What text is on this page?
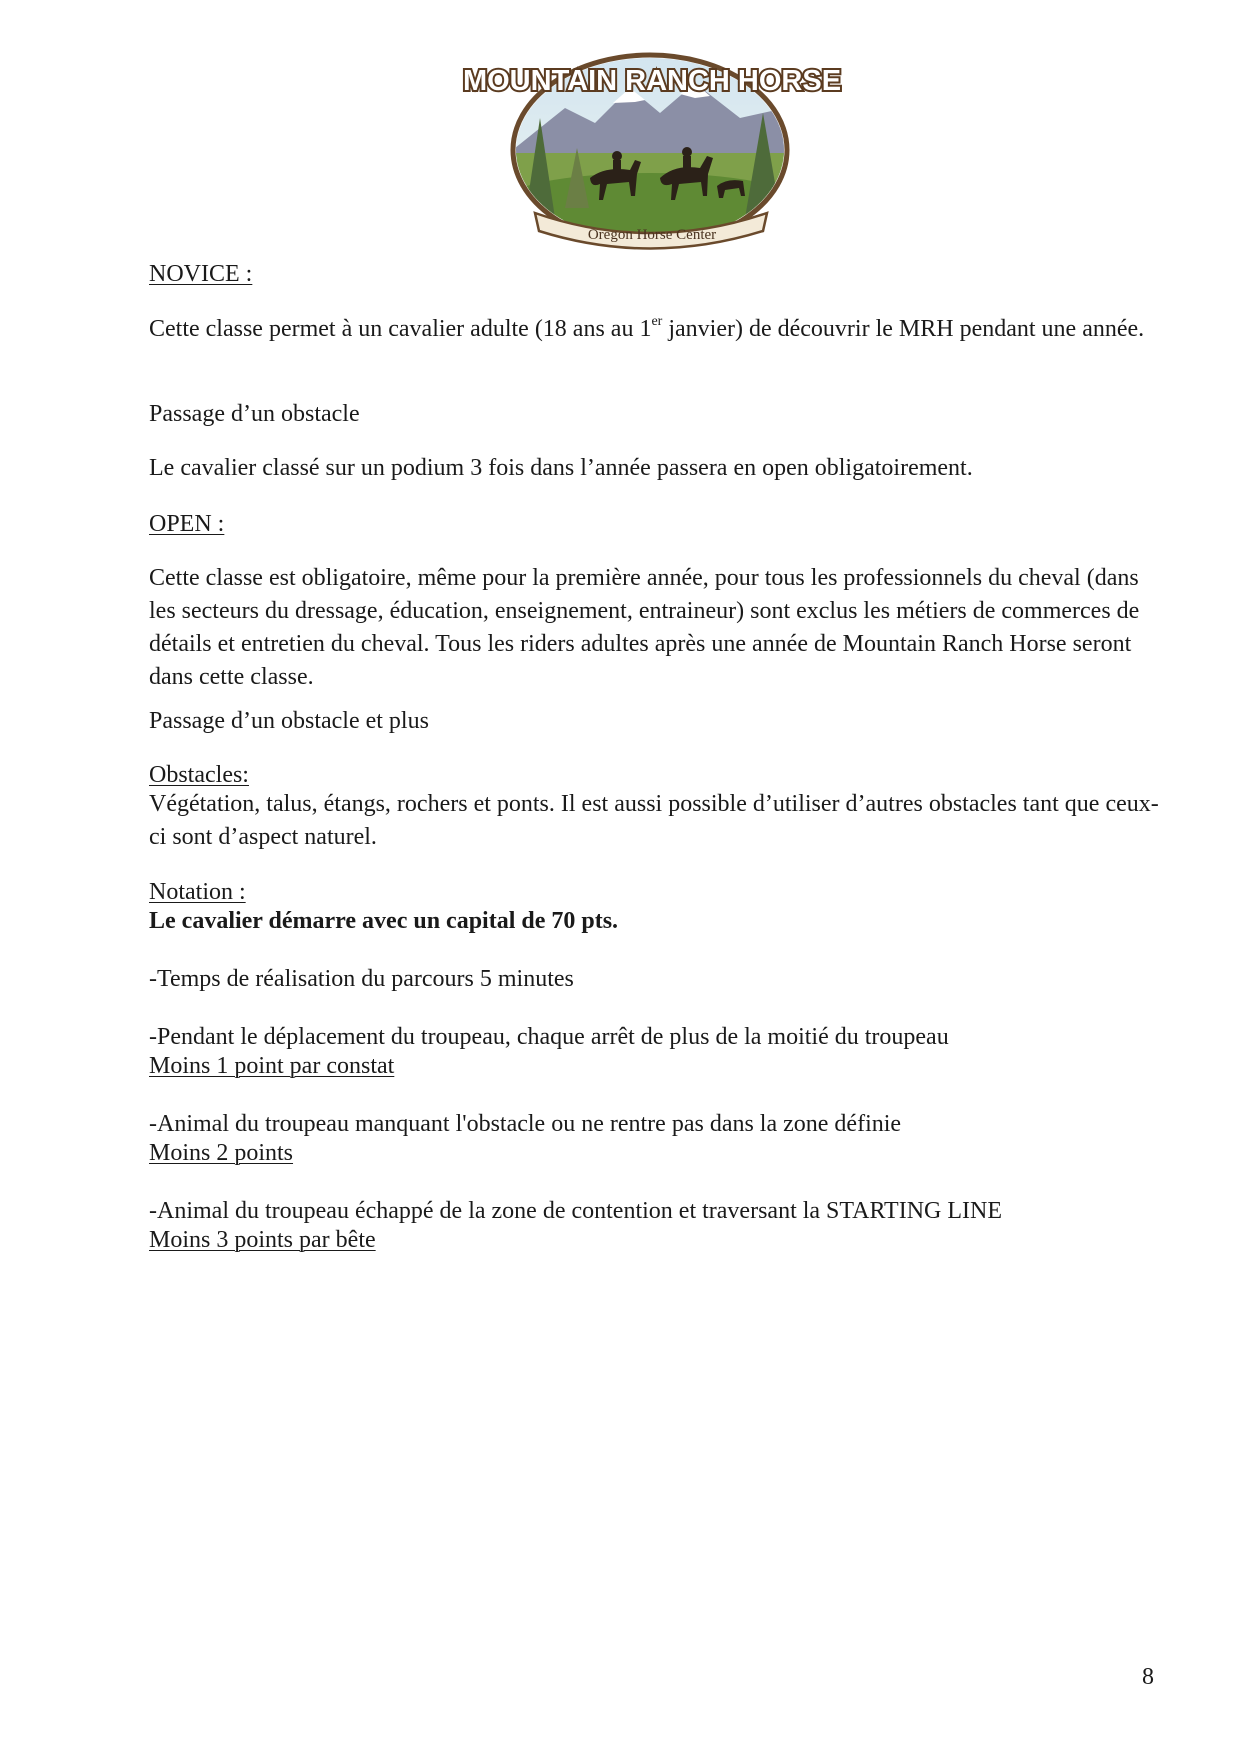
MOUNTAIN RANCH HORSE
Oregon Horse Center

NOVICE :

Cette classe permet à un cavalier adulte (18 ans au 1er janvier) de découvrir le MRH pendant une année.

Passage d’un obstacle

Le cavalier classé sur un podium 3 fois dans l’année passera en open obligatoirement.

OPEN :

Cette classe est obligatoire, même pour la première année, pour tous les professionnels du cheval (dans les secteurs du dressage, éducation, enseignement, entraineur) sont exclus les métiers de commerces de détails et entretien du cheval. Tous les riders adultes après une année de Mountain Ranch Horse seront dans cette classe.

Passage d’un obstacle et plus

Obstacles:

Végétation, talus, étangs, rochers et ponts. Il est aussi possible d’utiliser d’autres obstacles tant que ceux-ci sont d’aspect naturel.

Notation :

Le cavalier démarre avec un capital de 70 pts.

-Temps de réalisation du parcours 5 minutes

-Pendant le déplacement du troupeau, chaque arrêt de plus de la moitié du troupeau

Moins 1 point par constat

-Animal du troupeau manquant l'obstacle ou ne rentre pas dans la zone définie

Moins 2 points

-Animal du troupeau échappé de la zone de contention et traversant la STARTING LINE

Moins 3 points par bête

8
